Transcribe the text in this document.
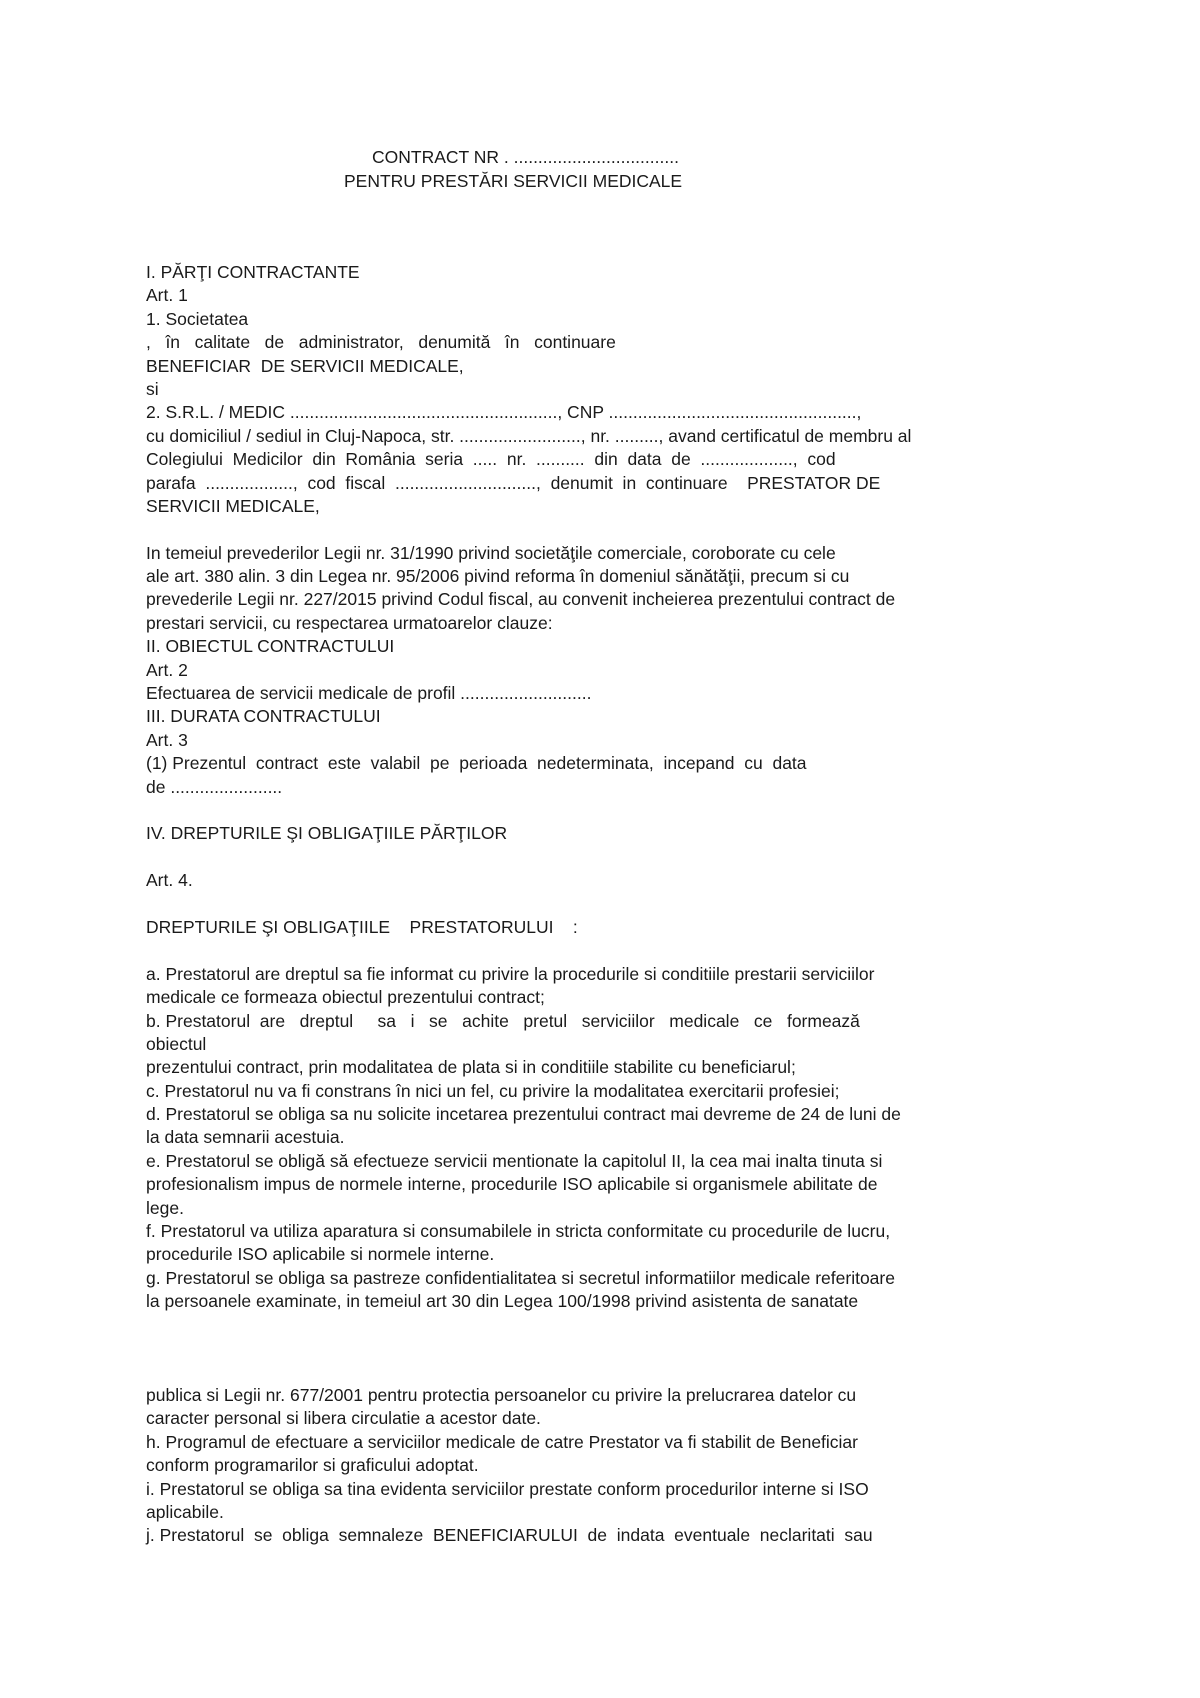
CONTRACT NR . ..................................
PENTRU PRESTĂRI SERVICII MEDICALE
I. PĂRŢI CONTRACTANTE
Art. 1
1. Societatea
,   în   calitate   de   administrator,   denumită   în   continuare
BENEFICIAR  DE SERVICII MEDICALE,
si
2. S.R.L. / MEDIC ......................................................., CNP ...................................................,
cu domiciliul / sediul in Cluj-Napoca, str. ........................., nr. ........., avand certificatul de membru al
Colegiului  Medicilor  din  România  seria  .....  nr.  ..........  din  data  de  ...................,  cod
parafa  ..................,  cod  fiscal  .............................,  denumit  in  continuare    PRESTATOR DE
SERVICII MEDICALE,
In temeiul prevederilor Legii nr. 31/1990 privind societăţile comerciale, coroborate cu cele
ale art. 380 alin. 3 din Legea nr. 95/2006 pivind reforma în domeniul sănătăţii, precum si cu
prevederile Legii nr. 227/2015 privind Codul fiscal, au convenit incheierea prezentului contract de
prestari servicii, cu respectarea urmatoarelor clauze:
II. OBIECTUL CONTRACTULUI
Art. 2
Efectuarea de servicii medicale de profil ...........................
III. DURATA CONTRACTULUI
Art. 3
(1) Prezentul  contract  este  valabil  pe  perioada  nedeterminata,  incepand  cu  data
de .......................
IV. DREPTURILE ŞI OBLIGAŢIILE PĂRŢILOR
Art. 4.
DREPTURILE ŞI OBLIGAŢIILE    PRESTATORULUI    :
a. Prestatorul are dreptul sa fie informat cu privire la procedurile si conditiile prestarii serviciilor
medicale ce formeaza obiectul prezentului contract;
b. Prestatorul  are   dreptul     sa   i   se   achite   pretul   serviciilor   medicale   ce   formează
obiectul
prezentului contract, prin modalitatea de plata si in conditiile stabilite cu beneficiarul;
c. Prestatorul nu va fi constrans în nici un fel, cu privire la modalitatea exercitarii profesiei;
d. Prestatorul se obliga sa nu solicite incetarea prezentului contract mai devreme de 24 de luni de
la data semnarii acestuia.
e. Prestatorul se obligă să efectueze servicii mentionate la capitolul II, la cea mai inalta tinuta si
profesionalism impus de normele interne, procedurile ISO aplicabile si organismele abilitate de
lege.
f. Prestatorul va utiliza aparatura si consumabilele in stricta conformitate cu procedurile de lucru,
procedurile ISO aplicabile si normele interne.
g. Prestatorul se obliga sa pastreze confidentialitatea si secretul informatiilor medicale referitoare
la persoanele examinate, in temeiul art 30 din Legea 100/1998 privind asistenta de sanatate
publica si Legii nr. 677/2001 pentru protectia persoanelor cu privire la prelucrarea datelor cu
caracter personal si libera circulatie a acestor date.
h. Programul de efectuare a serviciilor medicale de catre Prestator va fi stabilit de Beneficiar
conform programarilor si graficului adoptat.
i. Prestatorul se obliga sa tina evidenta serviciilor prestate conform procedurilor interne si ISO
aplicabile.
j. Prestatorul  se  obliga  semnaleze  BENEFICIARULUI  de  indata  eventuale  neclaritati  sau
